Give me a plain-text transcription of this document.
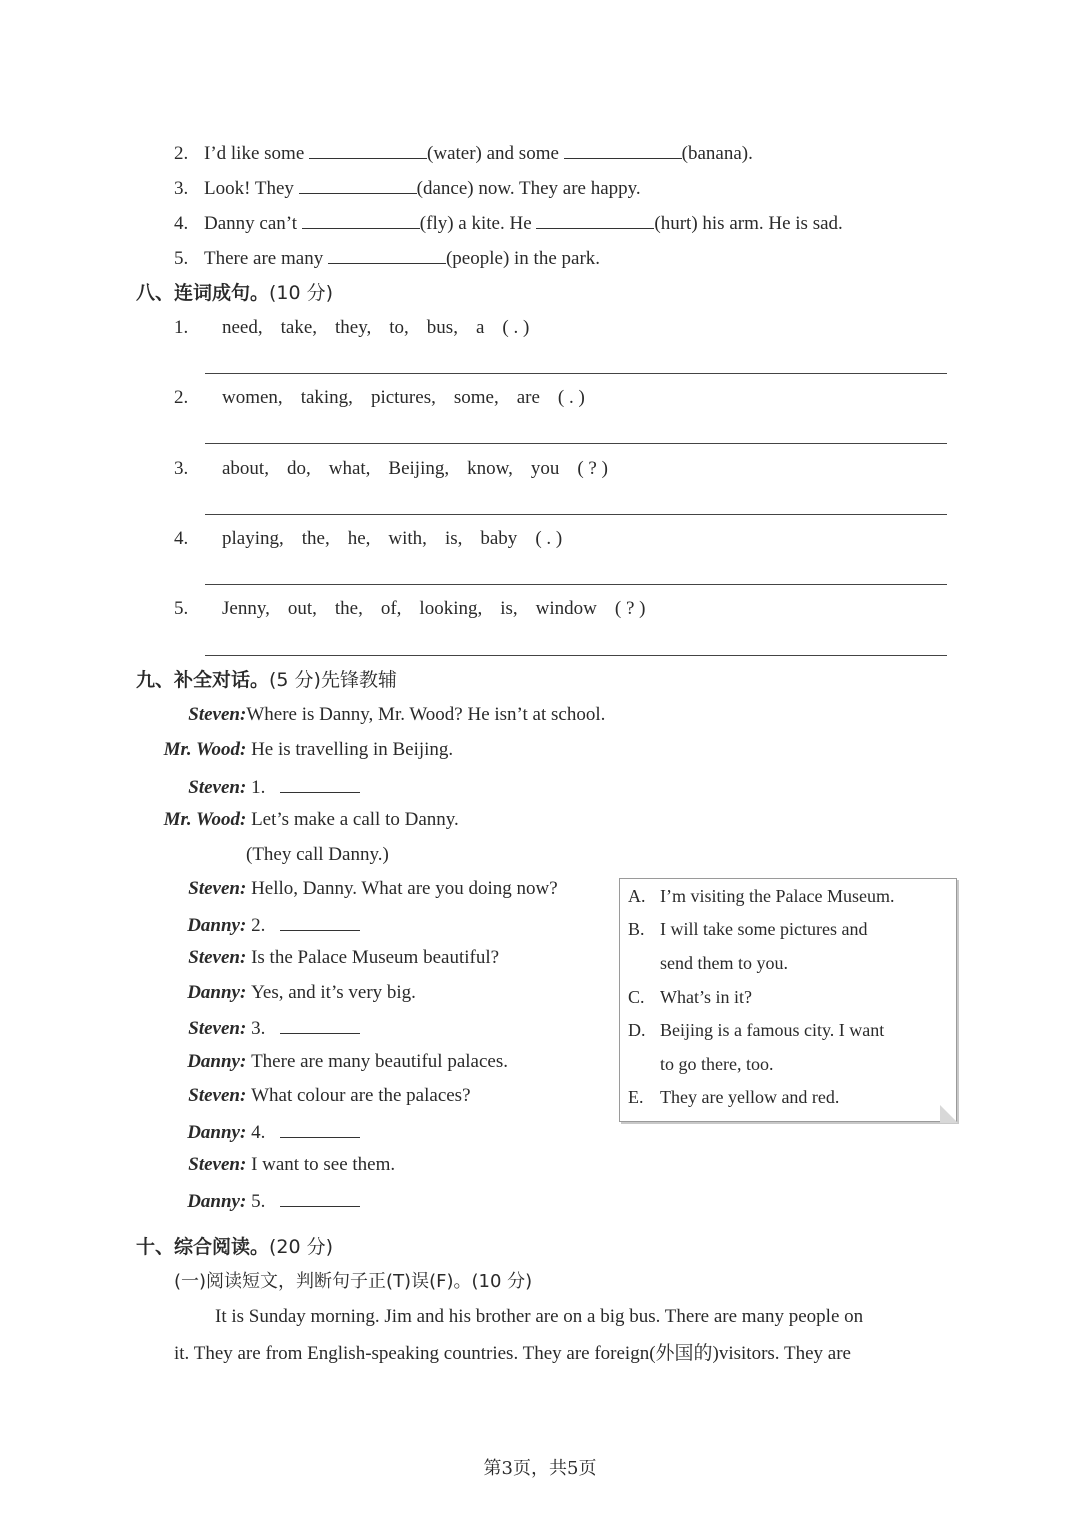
2. I’d like some	(water) and some	(banana).
3. Look! They	(dance) now. They are happy.
4. Danny can’t	(fly) a kite. He	(hurt) his arm. He is sad.
5. There are many	(people) in the park.
八、连词成句。(10 分)
1. need, take, they, to, bus, a ( . )
2. women, taking, pictures, some, are ( . )
3. about, do, what, Beijing, know, you ( ? )
4. playing, the, he, with, is, baby ( . )
5. Jenny, out, the, of, looking, is, window ( ? )
九、补全对话。(5 分)先锋教辅
Steven:Where is Danny, Mr. Wood? He isn’t at school.
Mr. Wood: He is travelling in Beijing.
Steven: 1.
Mr. Wood: Let’s make a call to Danny.
(They call Danny.)
Steven: Hello, Danny. What are you doing now?
Danny: 2.
Steven: Is the Palace Museum beautiful?
Danny: Yes, and it’s very big.
Steven: 3.
Danny: There are many beautiful palaces.
Steven: What colour are the palaces?
Danny: 4.
Steven: I want to see them.
Danny: 5.
A. I’m visiting the Palace Museum.
B. I will take some pictures and
send them to you.
C. What’s in it?
D. Beijing is a famous city. I want
to go there, too.
E. They are yellow and red.
十、综合阅读。(20 分)
(一)阅读短文，判断句子正(T)误(F)。(10 分)
It is Sunday morning. Jim and his brother are on a big bus. There are many people on
it. They are from English-speaking countries. They are foreign(外国的)visitors. They are
第3页，共5页
